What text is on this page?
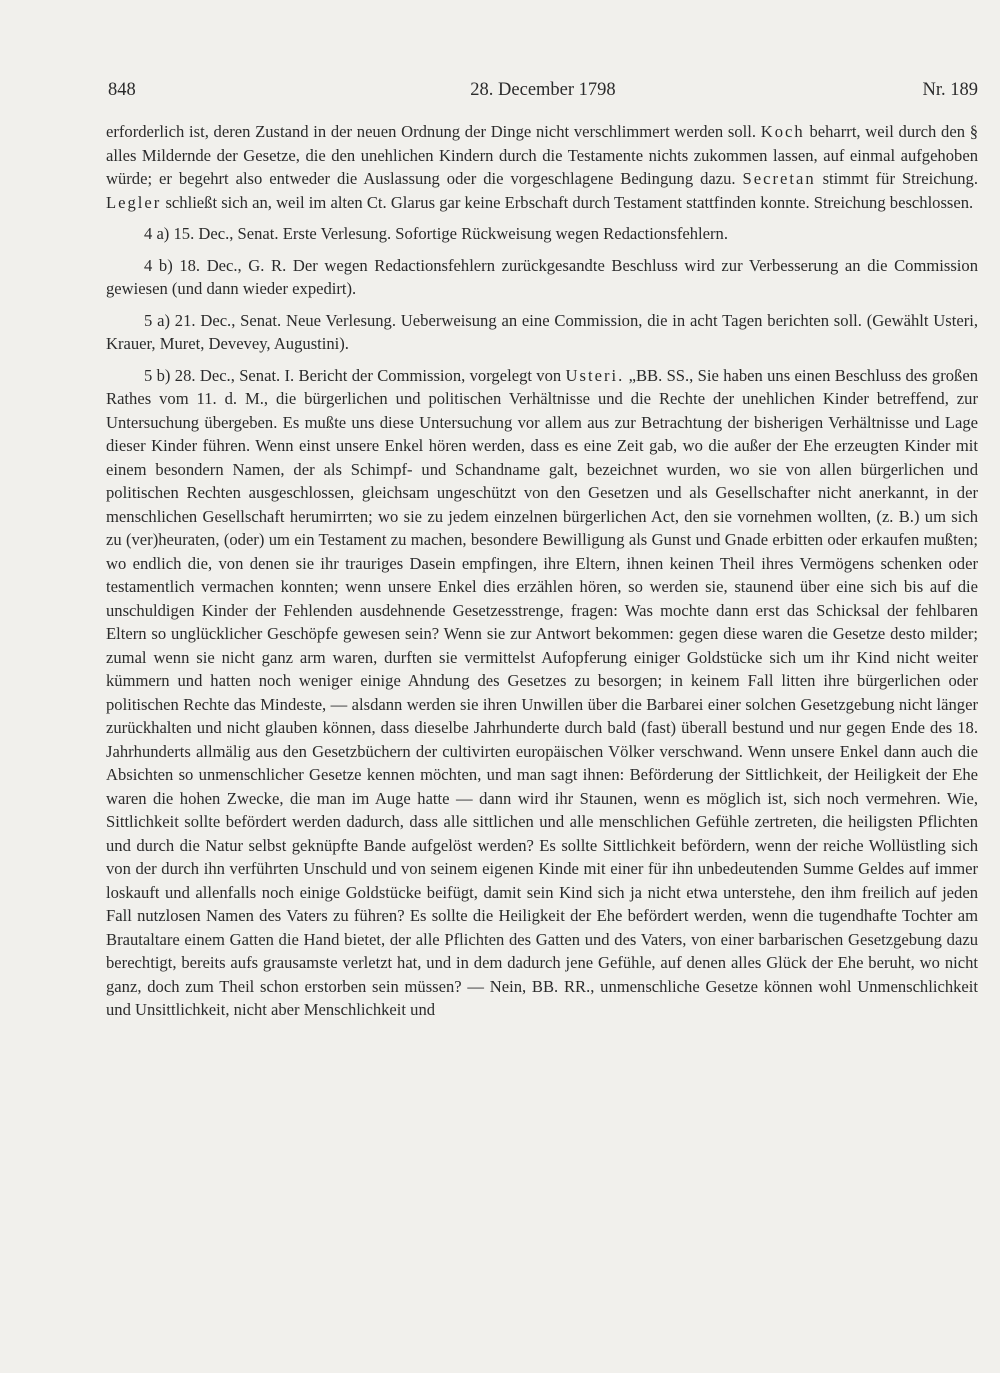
848	28. December 1798	Nr. 189

erforderlich ist, deren Zustand in der neuen Ordnung der Dinge nicht verschlimmert werden soll. Koch beharrt, weil durch den § alles Mildernde der Gesetze, die den unehlichen Kindern durch die Testamente nichts zukommen lassen, auf einmal aufgehoben würde; er begehrt also entweder die Auslassung oder die vorgeschlagene Bedingung dazu. Secretan stimmt für Streichung. Legler schließt sich an, weil im alten Ct. Glarus gar keine Erbschaft durch Testament stattfinden konnte. Streichung beschlossen.

4 a) 15. Dec., Senat. Erste Verlesung. Sofortige Rückweisung wegen Redactionsfehlern.

4 b) 18. Dec., G. R. Der wegen Redactionsfehlern zurückgesandte Beschluss wird zur Verbesserung an die Commission gewiesen (und dann wieder expedirt).

5 a) 21. Dec., Senat. Neue Verlesung. Ueberweisung an eine Commission, die in acht Tagen berichten soll. (Gewählt Usteri, Krauer, Muret, Devevey, Augustini).

5 b) 28. Dec., Senat. I. Bericht der Commission, vorgelegt von Usteri. „BB. SS., Sie haben uns einen Beschluss des großen Rathes vom 11. d. M., die bürgerlichen und politischen Verhältnisse und die Rechte der unehlichen Kinder betreffend, zur Untersuchung übergeben. Es mußte uns diese Untersuchung vor allem aus zur Betrachtung der bisherigen Verhältnisse und Lage dieser Kinder führen. Wenn einst unsere Enkel hören werden, dass es eine Zeit gab, wo die außer der Ehe erzeugten Kinder mit einem besondern Namen, der als Schimpf- und Schandname galt, bezeichnet wurden, wo sie von allen bürgerlichen und politischen Rechten ausgeschlossen, gleichsam ungeschützt von den Gesetzen und als Gesellschafter nicht anerkannt, in der menschlichen Gesellschaft herumirrten; wo sie zu jedem einzelnen bürgerlichen Act, den sie vornehmen wollten, (z. B.) um sich zu (ver)heuraten, (oder) um ein Testament zu machen, besondere Bewilligung als Gunst und Gnade erbitten oder erkaufen mußten; wo endlich die, von denen sie ihr trauriges Dasein empfingen, ihre Eltern, ihnen keinen Theil ihres Vermögens schenken oder testamentlich vermachen konnten; wenn unsere Enkel dies erzählen hören, so werden sie, staunend über eine sich bis auf die unschuldigen Kinder der Fehlenden ausdehnende Gesetzesstrenge, fragen: Was mochte dann erst das Schicksal der fehlbaren Eltern so unglücklicher Geschöpfe gewesen sein? Wenn sie zur Antwort bekommen: gegen diese waren die Gesetze desto milder; zumal wenn sie nicht ganz arm waren, durften sie vermittelst Aufopferung einiger Goldstücke sich um ihr Kind nicht weiter kümmern und hatten noch weniger einige Ahndung des Gesetzes zu besorgen; in keinem Fall litten ihre bürgerlichen oder politischen Rechte das Mindeste, — alsdann werden sie ihren Unwillen über die Barbarei einer solchen Gesetzgebung nicht länger zurückhalten und nicht glauben können, dass dieselbe Jahrhunderte durch bald (fast) überall bestund und nur gegen Ende des 18. Jahrhunderts allmälig aus den Gesetzbüchern der cultivirten europäischen Völker verschwand. Wenn unsere Enkel dann auch die Absichten so unmenschlicher Gesetze kennen möchten, und man sagt ihnen: Beförderung der Sittlichkeit, der Heiligkeit der Ehe waren die hohen Zwecke, die man im Auge hatte — dann wird ihr Staunen, wenn es möglich ist, sich noch vermehren. Wie, Sittlichkeit sollte befördert werden dadurch, dass alle sittlichen und alle menschlichen Gefühle zertreten, die heiligsten Pflichten und durch die Natur selbst geknüpfte Bande aufgelöst werden? Es sollte Sittlichkeit befördern, wenn der reiche Wollüstling sich von der durch ihn verführten Unschuld und von seinem eigenen Kinde mit einer für ihn unbedeutenden Summe Geldes auf immer loskauft und allenfalls noch einige Goldstücke beifügt, damit sein Kind sich ja nicht etwa unterstehe, den ihm freilich auf jeden Fall nutzlosen Namen des Vaters zu führen? Es sollte die Heiligkeit der Ehe befördert werden, wenn die tugendhafte Tochter am Brautaltare einem Gatten die Hand bietet, der alle Pflichten des Gatten und des Vaters, von einer barbarischen Gesetzgebung dazu berechtigt, bereits aufs grausamste verletzt hat, und in dem dadurch jene Gefühle, auf denen alles Glück der Ehe beruht, wo nicht ganz, doch zum Theil schon erstorben sein müssen? — Nein, BB. RR., unmenschliche Gesetze können wohl Unmenschlichkeit und Unsittlichkeit, nicht aber Menschlichkeit und
